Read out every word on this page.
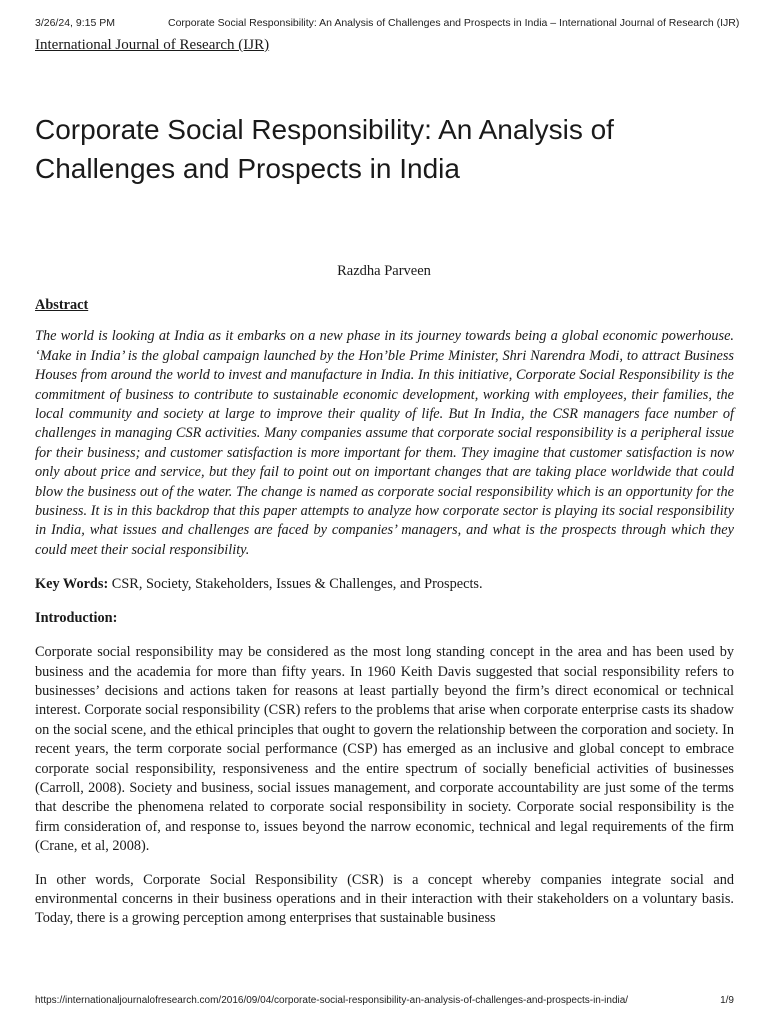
3/26/24, 9:15 PM	Corporate Social Responsibility: An Analysis of Challenges and Prospects in India – International Journal of Research (IJR)
International Journal of Research (IJR)
Corporate Social Responsibility: An Analysis of Challenges and Prospects in India
Razdha Parveen

Abstract

The world is looking at India as it embarks on a new phase in its journey towards being a global economic powerhouse. ‘Make in India’ is the global campaign launched by the Hon’ble Prime Minister, Shri Narendra Modi, to attract Business Houses from around the world to invest and manufacture in India. In this initiative, Corporate Social Responsibility is the commitment of business to contribute to sustainable economic development, working with employees, their families, the local community and society at large to improve their quality of life. But In India, the CSR managers face number of challenges in managing CSR activities. Many companies assume that corporate social responsibility is a peripheral issue for their business; and customer satisfaction is more important for them. They imagine that customer satisfaction is now only about price and service, but they fail to point out on important changes that are taking place worldwide that could blow the business out of the water. The change is named as corporate social responsibility which is an opportunity for the business. It is in this backdrop that this paper attempts to analyze how corporate sector is playing its social responsibility in India, what issues and challenges are faced by companies’ managers, and what is the prospects through which they could meet their social responsibility.

Key Words: CSR, Society, Stakeholders, Issues & Challenges, and Prospects.

Introduction:

Corporate social responsibility may be considered as the most long standing concept in the area and has been used by business and the academia for more than fifty years. In 1960 Keith Davis suggested that social responsibility refers to businesses’ decisions and actions taken for reasons at least partially beyond the firm’s direct economical or technical interest. Corporate social responsibility (CSR) refers to the problems that arise when corporate enterprise casts its shadow on the social scene, and the ethical principles that ought to govern the relationship between the corporation and society. In recent years, the term corporate social performance (CSP) has emerged as an inclusive and global concept to embrace corporate social responsibility, responsiveness and the entire spectrum of socially beneficial activities of businesses (Carroll, 2008). Society and business, social issues management, and corporate accountability are just some of the terms that describe the phenomena related to corporate social responsibility in society. Corporate social responsibility is the firm consideration of, and response to, issues beyond the narrow economic, technical and legal requirements of the firm (Crane, et al, 2008).

In other words, Corporate Social Responsibility (CSR) is a concept whereby companies integrate social and environmental concerns in their business operations and in their interaction with their stakeholders on a voluntary basis. Today, there is a growing perception among enterprises that sustainable business

https://internationaljournalofresearch.com/2016/09/04/corporate-social-responsibility-an-analysis-of-challenges-and-prospects-in-india/	1/9
